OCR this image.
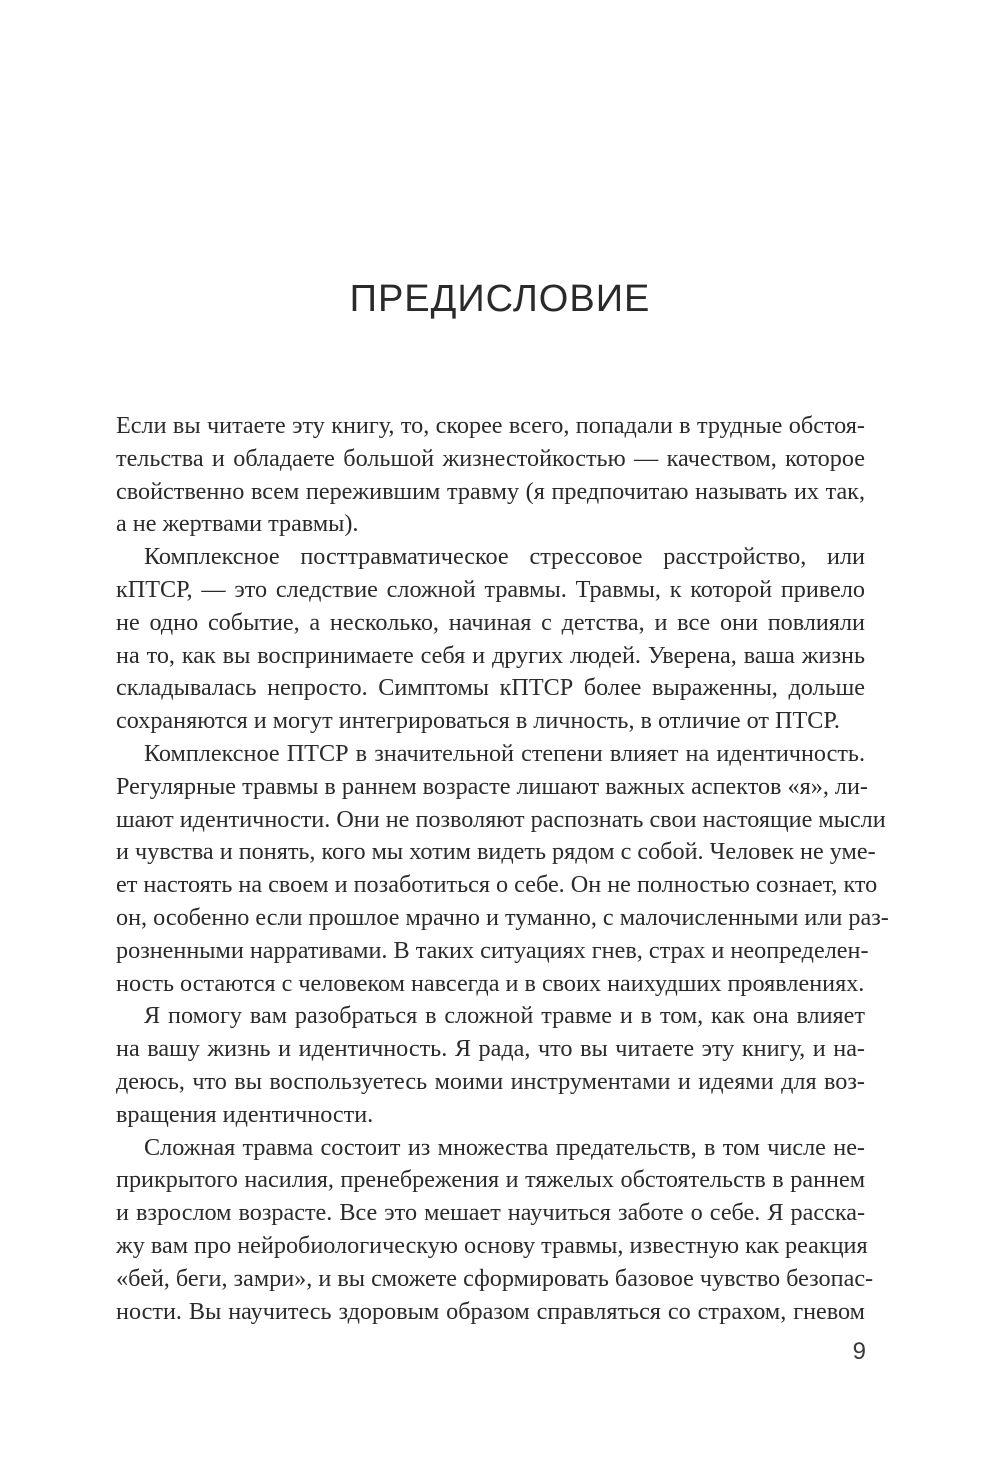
ПРЕДИСЛОВИЕ
Если вы читаете эту книгу, то, скорее всего, попадали в трудные обстоя-
тельства и обладаете большой жизнестойкостью — качеством, которое
свойственно всем пережившим травму (я предпочитаю называть их так,
а не жертвами травмы).
Комплексное посттравматическое стрессовое расстройство, или
кПТСР, — это следствие сложной травмы. Травмы, к которой привело
не одно событие, а несколько, начиная с детства, и все они повлияли
на то, как вы воспринимаете себя и других людей. Уверена, ваша жизнь
складывалась непросто. Симптомы кПТСР более выраженны, дольше
сохраняются и могут интегрироваться в личность, в отличие от ПТСР.
Комплексное ПТСР в значительной степени влияет на идентичность.
Регулярные травмы в раннем возрасте лишают важных аспектов «я», ли-
шают идентичности. Они не позволяют распознать свои настоящие мысли
и чувства и понять, кого мы хотим видеть рядом с собой. Человек не уме-
ет настоять на своем и позаботиться о себе. Он не полностью сознает, кто
он, особенно если прошлое мрачно и туманно, с малочисленными или раз-
розненными нарративами. В таких ситуациях гнев, страх и неопределен-
ность остаются с человеком навсегда и в своих наихудших проявлениях.
Я помогу вам разобраться в сложной травме и в том, как она влияет
на вашу жизнь и идентичность. Я рада, что вы читаете эту книгу, и на-
деюсь, что вы воспользуетесь моими инструментами и идеями для воз-
вращения идентичности.
Сложная травма состоит из множества предательств, в том числе не-
прикрытого насилия, пренебрежения и тяжелых обстоятельств в раннем
и взрослом возрасте. Все это мешает научиться заботе о себе. Я расска-
жу вам про нейробиологическую основу травмы, известную как реакция
«бей, беги, замри», и вы сможете сформировать базовое чувство безопас-
ности. Вы научитесь здоровым образом справляться со страхом, гневом
9
